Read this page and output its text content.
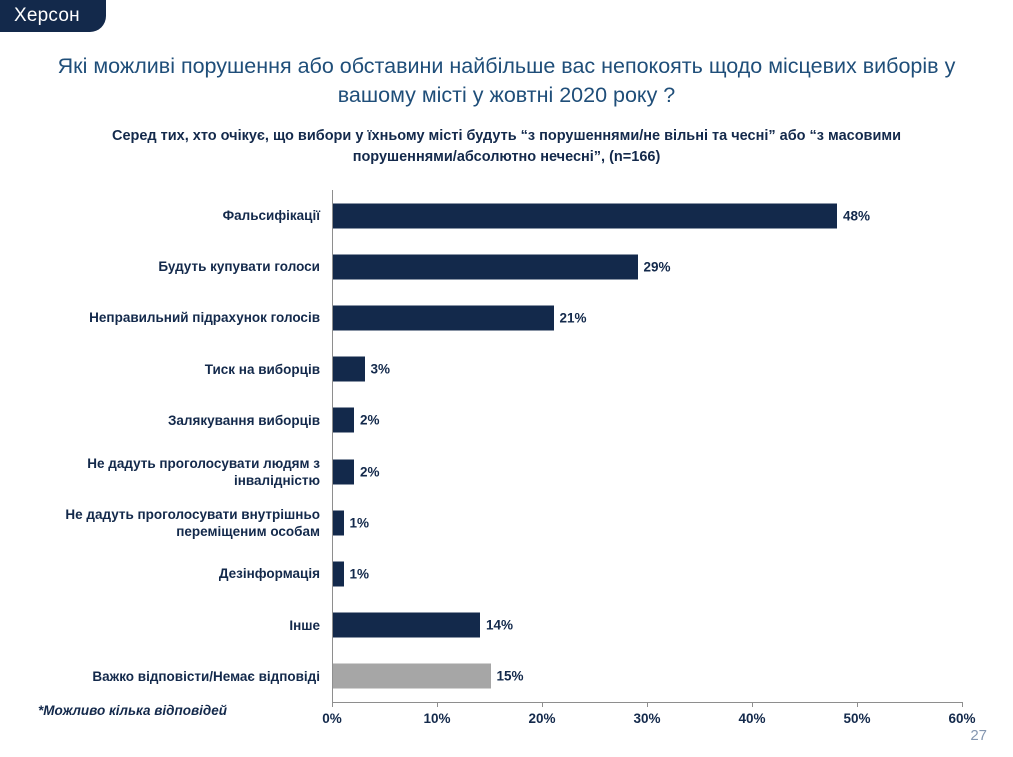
Херсон
Які можливі порушення або обставини найбільше вас непокоять щодо місцевих виборів у вашому місті у жовтні 2020 року ?
Серед тих, хто очікує, що вибори у їхньому місті будуть “з порушеннями/не вільні та чесні” або “з масовими порушеннями/абсолютно нечесні”, (n=166)
0%	10%	20%	30%	40%	50%	60%
48%
29%
21%
3%
2%
2%
1%
1%
14%
15%
Фальсифікації
Будуть купувати голоси
Неправильний підрахунок голосів
Тиск на виборців
Залякування виборців
Не дадуть проголосувати людям з інвалідністю
Не дадуть проголосувати внутрішньо переміщеним особам
Дезінформація
Інше
Важко відповісти/Немає відповіді
*Можливо кілька відповідей
27
